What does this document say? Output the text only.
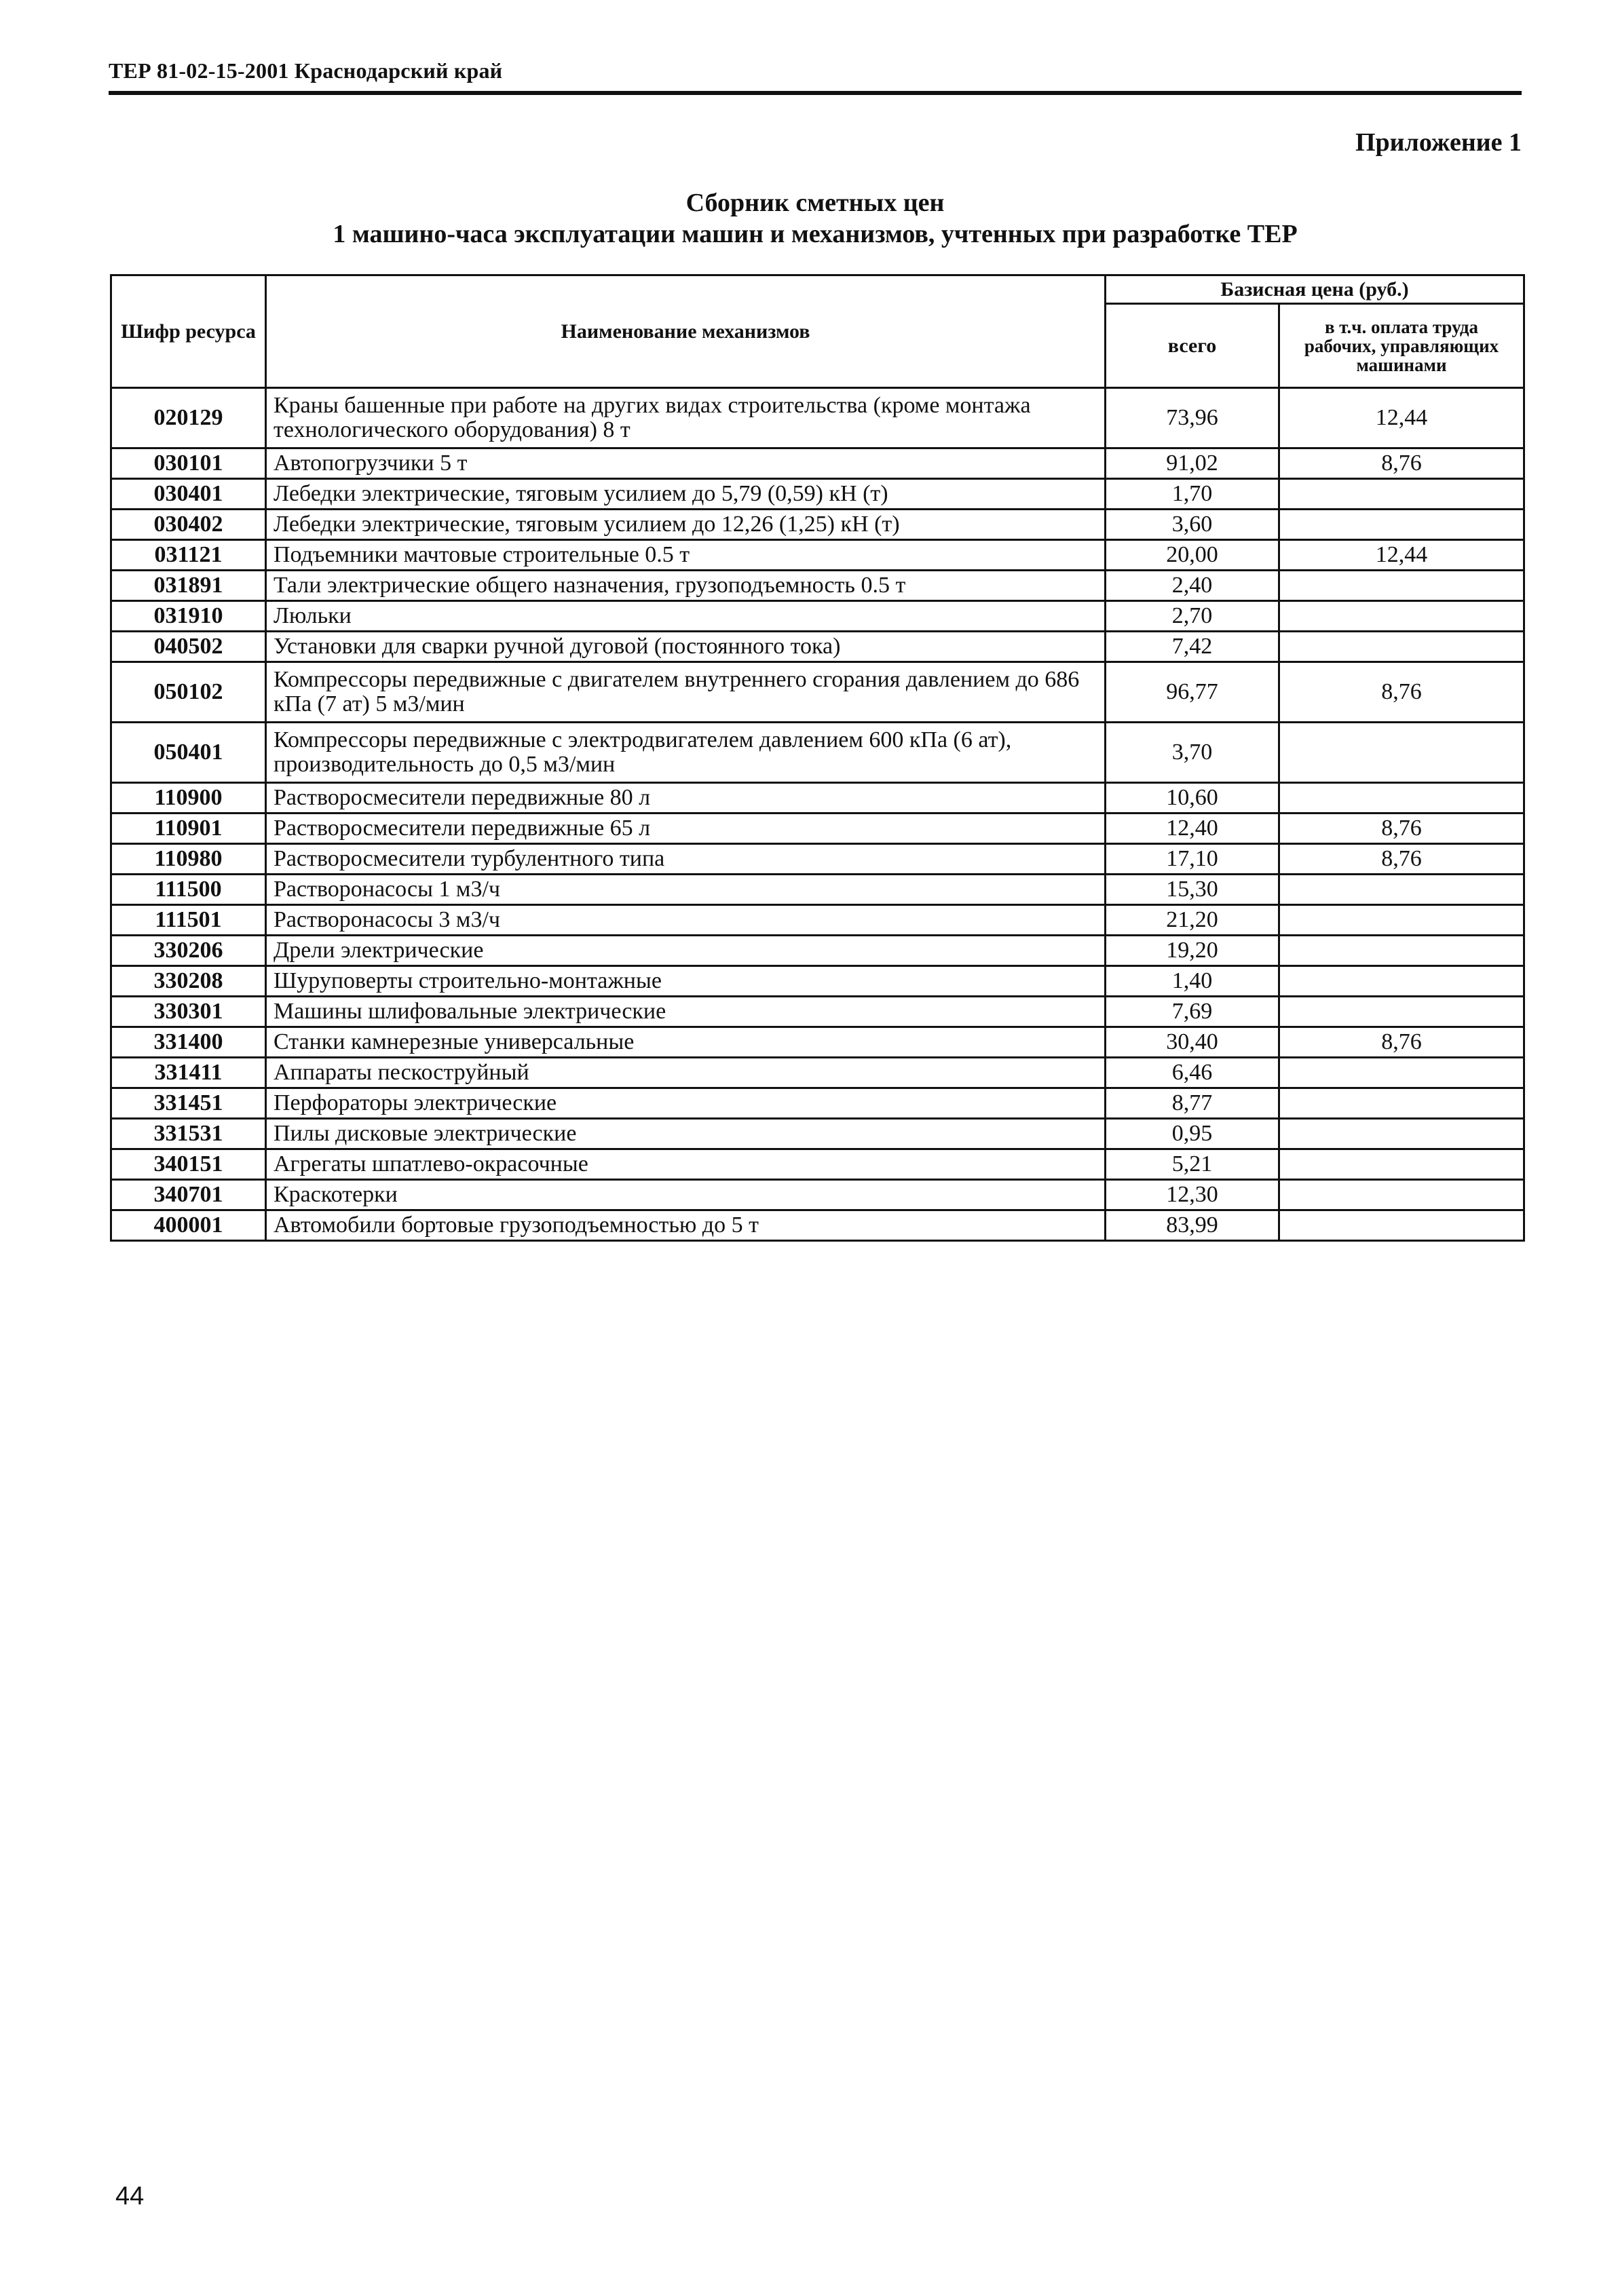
ТЕР 81-02-15-2001 Краснодарский край
Приложение 1
Сборник сметных цен
1 машино-часа эксплуатации машин и механизмов, учтенных при разработке ТЕР
Шифр ресурса	Наименование механизмов	Базисная цена (руб.)	
		всего	в т.ч. оплата труда рабочих, управляющих машинами
020129	Краны башенные при работе на других видах строительства (кроме монтажа технологического оборудования) 8 т	73,96	12,44
030101	Автопогрузчики 5 т	91,02	8,76
030401	Лебедки электрические, тяговым усилием до 5,79 (0,59) кН (т)	1,70	
030402	Лебедки электрические, тяговым усилием до 12,26 (1,25) кН (т)	3,60	
031121	Подъемники мачтовые строительные 0.5 т	20,00	12,44
031891	Тали электрические общего назначения, грузоподъемность 0.5 т	2,40	
031910	Люльки	2,70	
040502	Установки для сварки ручной дуговой (постоянного тока)	7,42	
050102	Компрессоры передвижные с двигателем внутреннего сгорания давлением до 686 кПа (7 ат) 5 м3/мин	96,77	8,76
050401	Компрессоры передвижные с электродвигателем давлением 600 кПа (6 ат), производительность до 0,5 м3/мин	3,70	
110900	Растворосмесители передвижные 80 л	10,60	
110901	Растворосмесители передвижные 65 л	12,40	8,76
110980	Растворосмесители турбулентного типа	17,10	8,76
111500	Растворонасосы 1 м3/ч	15,30	
111501	Растворонасосы 3 м3/ч	21,20	
330206	Дрели электрические	19,20	
330208	Шуруповерты строительно-монтажные	1,40	
330301	Машины шлифовальные электрические	7,69	
331400	Станки камнерезные универсальные	30,40	8,76
331411	Аппараты пескоструйный	6,46	
331451	Перфораторы электрические	8,77	
331531	Пилы дисковые электрические	0,95	
340151	Агрегаты шпатлево-окрасочные	5,21	
340701	Краскотерки	12,30	
400001	Автомобили бортовые грузоподъемностью до 5 т	83,99	
44
